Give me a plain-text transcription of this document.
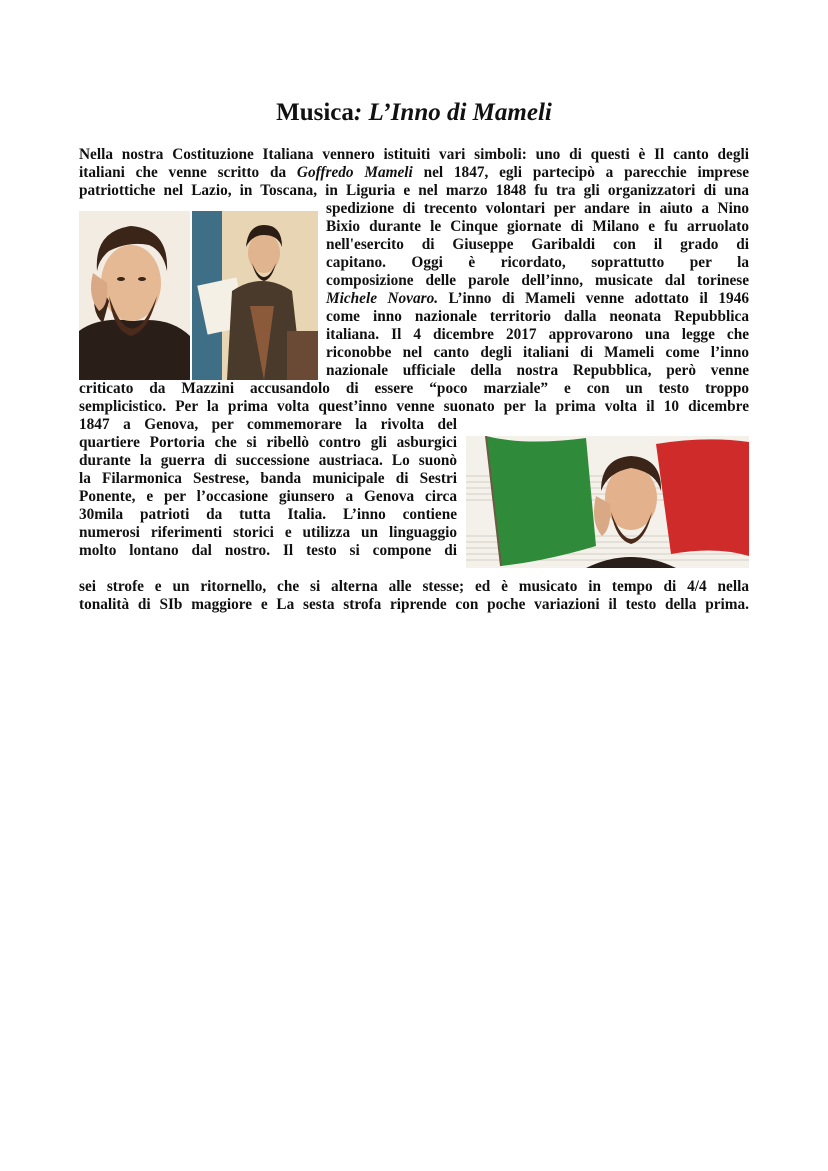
Musica: L’Inno di Mameli
Nella nostra Costituzione Italiana vennero istituiti vari simboli: uno di questi è Il canto degli
italiani che venne scritto da Goffredo Mameli nel 1847, egli partecipò a parecchie imprese
patriottiche nel Lazio, in Toscana, in Liguria e nel marzo 1848 fu tra gli organizzatori di una
spedizione di trecento volontari per andare in aiuto a Nino
Bixio durante le Cinque giornate di Milano e fu arruolato
nell'esercito di Giuseppe Garibaldi con il grado di
capitano. Oggi è ricordato, soprattutto per la
composizione delle parole dell’inno, musicate dal torinese
Michele Novaro. L’inno di Mameli venne adottato il 1946
come inno nazionale territorio dalla neonata Repubblica
italiana. Il 4 dicembre 2017 approvarono una legge che
riconobbe nel canto degli italiani di Mameli come l’inno
nazionale ufficiale della nostra Repubblica, però venne
criticato da Mazzini accusandolo di essere “poco marziale” e con un testo troppo
semplicistico. Per la prima volta quest’inno venne suonato per la prima volta il 10 dicembre
1847 a Genova, per commemorare la rivolta del
quartiere Portoria che si ribellò contro gli asburgici
durante la guerra di successione austriaca. Lo suonò
la Filarmonica Sestrese, banda municipale di Sestri
Ponente, e per l’occasione giunsero a Genova circa
30mila patrioti da tutta Italia. L’inno contiene
numerosi riferimenti storici e utilizza un linguaggio
molto lontano dal nostro. Il testo si compone di
sei strofe e un ritornello, che si alterna alle stesse; ed è musicato in tempo di 4/4 nella
tonalità di SIb maggiore e La sesta strofa riprende con poche variazioni il testo della prima.
